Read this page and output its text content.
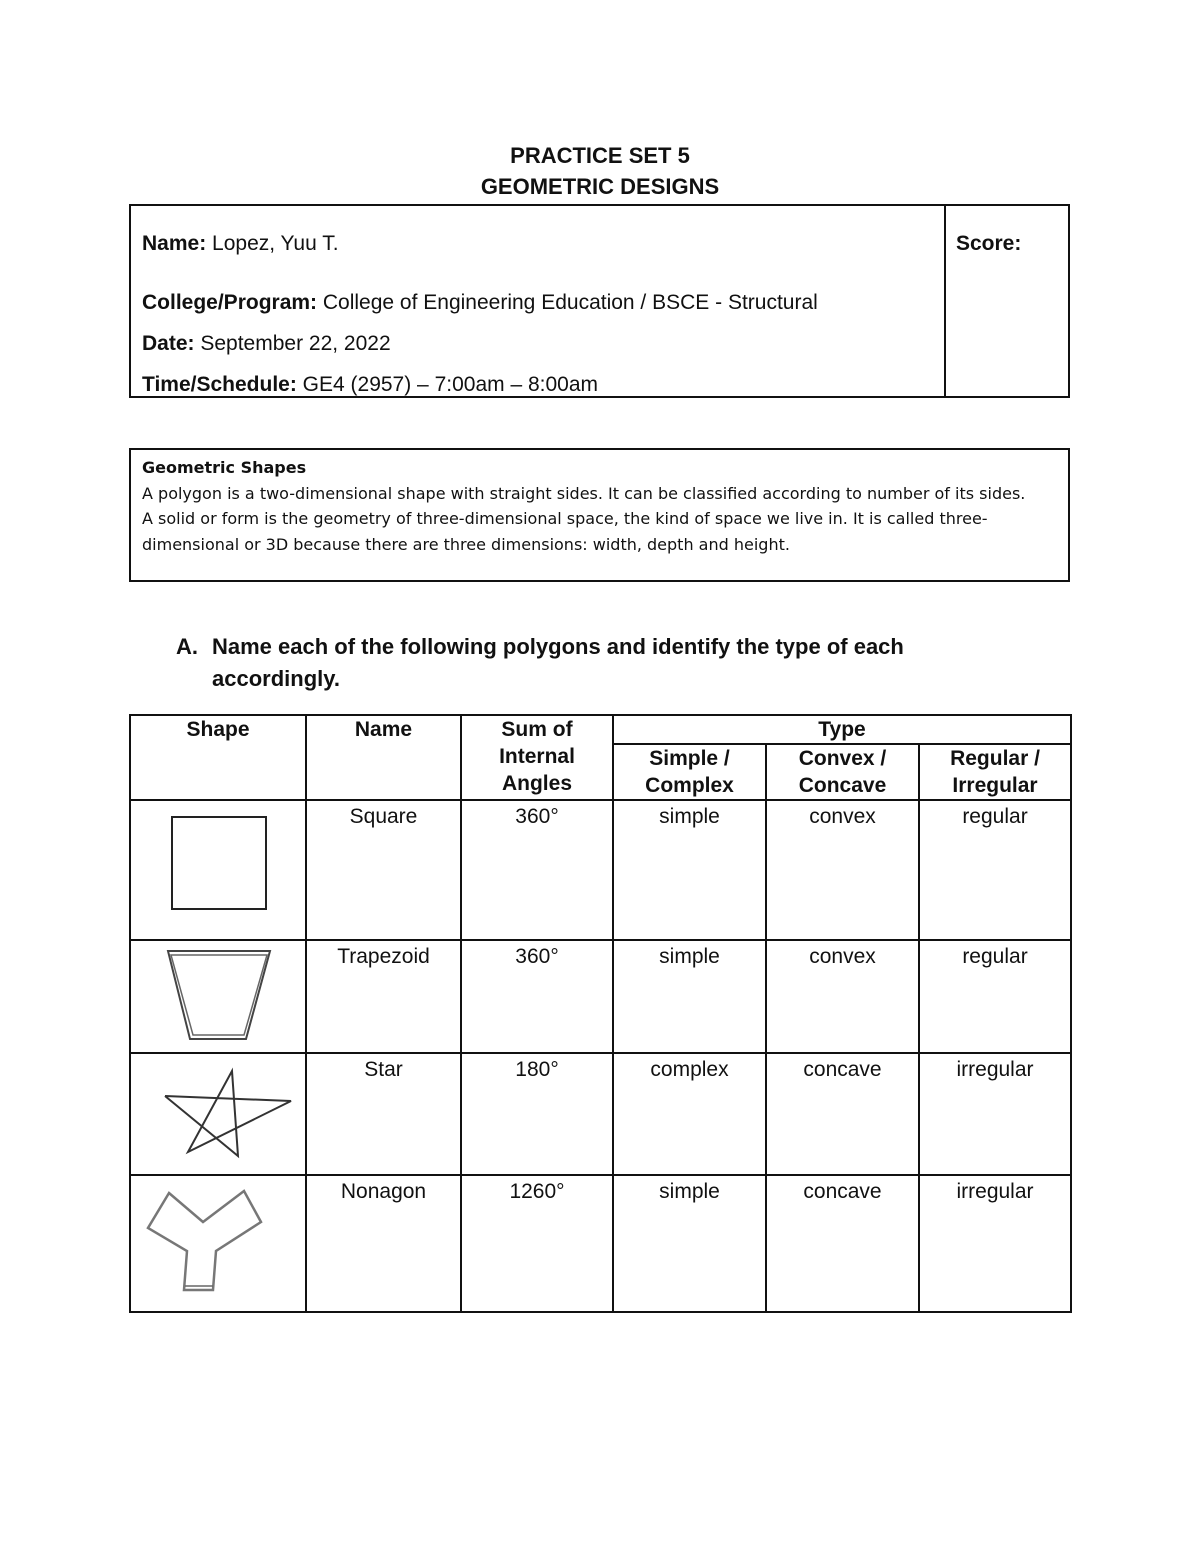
PRACTICE SET 5
GEOMETRIC DESIGNS
Name: Lopez, Yuu T.
College/Program: College of Engineering Education / BSCE - Structural
Date: September 22, 2022
Time/Schedule: GE4 (2957) – 7:00am – 8:00am
Score:
Geometric Shapes
A polygon is a two-dimensional shape with straight sides. It can be classified according to number of its sides.
A solid or form is the geometry of three-dimensional space, the kind of space we live in. It is called three-dimensional or 3D because there are three dimensions: width, depth and height.
A. Name each of the following polygons and identify the type of each accordingly.
Shape	Name	Sum of Internal Angles	Type		
			Simple / Complex	Convex / Concave	Regular / Irregular

	Square	360°	simple	convex	regular

	Trapezoid	360°	simple	convex	regular

	Star	180°	complex	concave	irregular

	Nonagon	1260°	simple	concave	irregular
